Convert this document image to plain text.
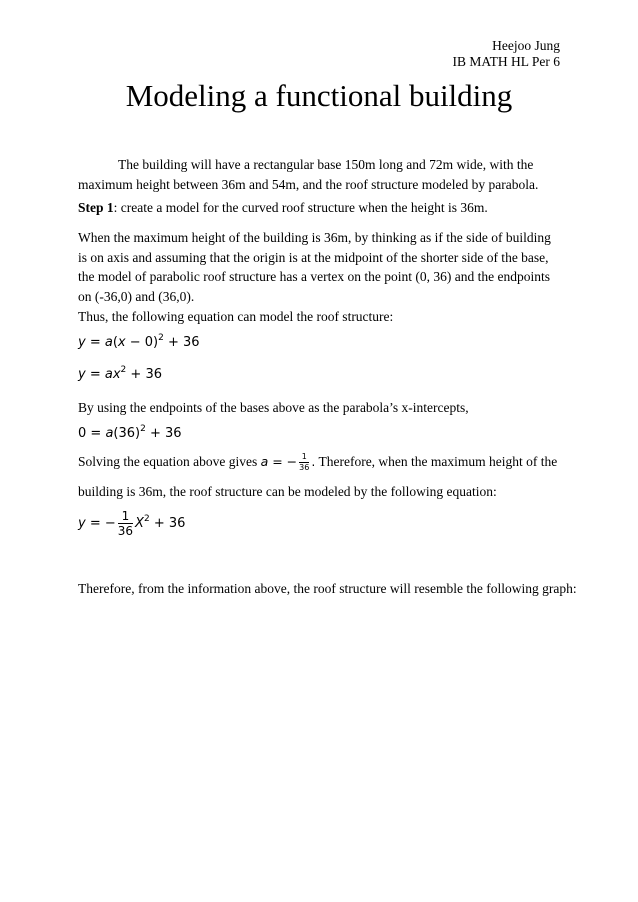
Heejoo Jung
IB MATH HL Per 6
Modeling a functional building
The building will have a rectangular base 150m long and 72m wide, with the maximum height between 36m and 54m, and the roof structure modeled by parabola.
Step 1: create a model for the curved roof structure when the height is 36m.
When the maximum height of the building is 36m, by thinking as if the side of building is on axis and assuming that the origin is at the midpoint of the shorter side of the base, the model of parabolic roof structure has a vertex on the point (0, 36) and the endpoints on (-36,0) and (36,0).
Thus, the following equation can model the roof structure:
$y = a(x - 0)^2 + 36$
$y = ax^2 + 36$
By using the endpoints of the bases above as the parabola’s x-intercepts,
$0 = a(36)^2 + 36$
Solving the equation above gives a = − $\frac{1}{36}$ . Therefore, when the maximum height of the
building is 36m, the roof structure can be modeled by the following equation:
y = − $\frac{1}{36} X^2 + 36$
Therefore, from the information above, the roof structure will resemble the following graph:
